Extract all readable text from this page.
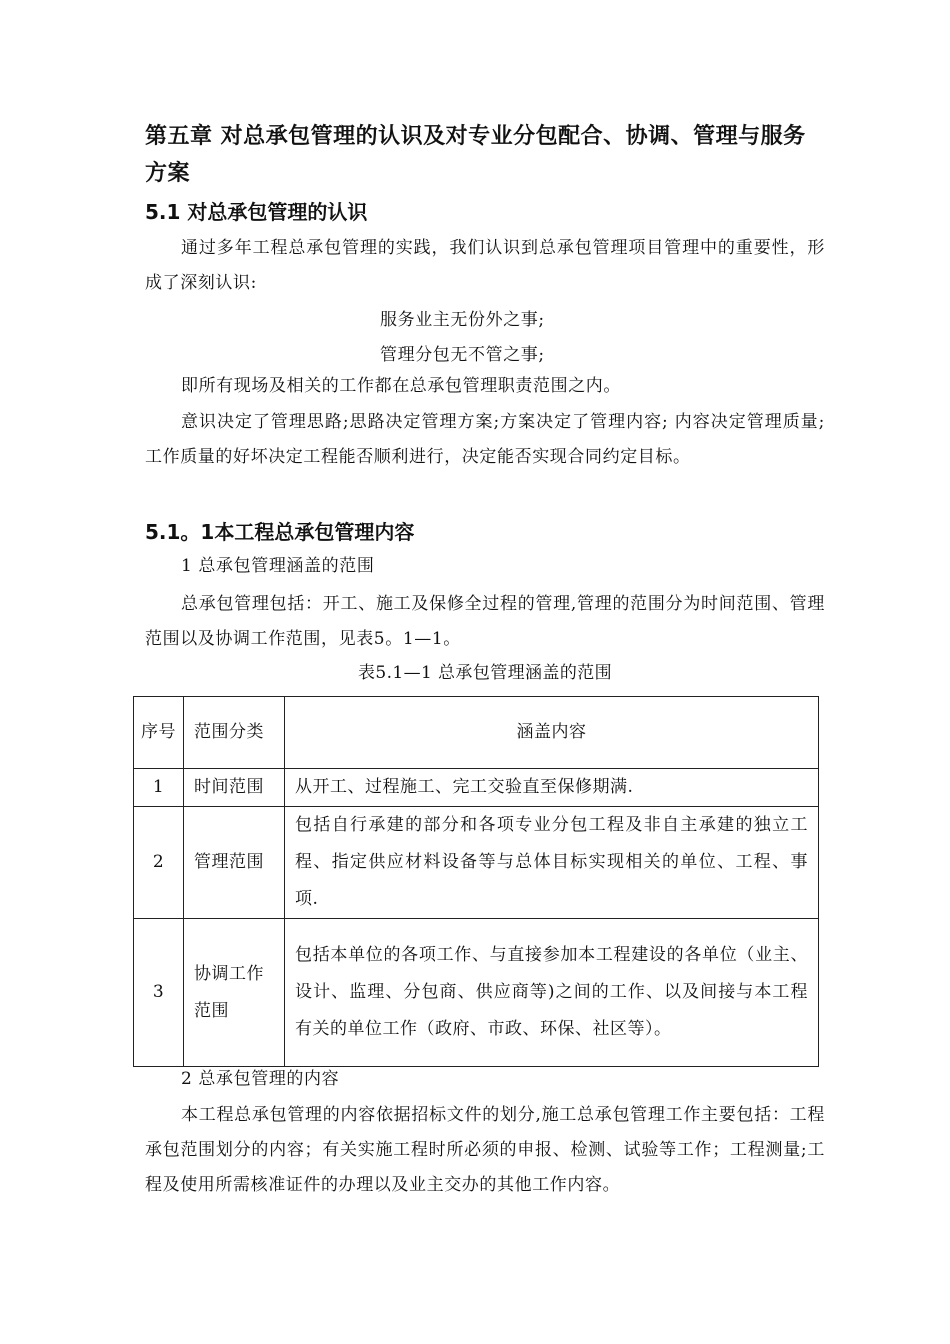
第五章 对总承包管理的认识及对专业分包配合、协调、管理与服务方案
5.1 对总承包管理的认识

通过多年工程总承包管理的实践，我们认识到总承包管理项目管理中的重要性，形成了深刻认识:

服务业主无份外之事;
管理分包无不管之事;

即所有现场及相关的工作都在总承包管理职责范围之内。

意识决定了管理思路;思路决定管理方案;方案决定了管理内容; 内容决定管理质量; 工作质量的好坏决定工程能否顺利进行，决定能否实现合同约定目标。

5.1。1本工程总承包管理内容
1 总承包管理涵盖的范围

总承包管理包括：开工、施工及保修全过程的管理,管理的范围分为时间范围、管理范围以及协调工作范围，见表5。1—1。

表5.1—1 总承包管理涵盖的范围
序号	范围分类	涵盖内容
1	时间范围	从开工、过程施工、完工交验直至保修期满.
2	管理范围	包括自行承建的部分和各项专业分包工程及非自主承建的独立工程、指定供应材料设备等与总体目标实现相关的单位、工程、事项.
3	协调工作范围	包括本单位的各项工作、与直接参加本工程建设的各单位（业主、设计、监理、分包商、供应商等)之间的工作、以及间接与本工程有关的单位工作（政府、市政、环保、社区等）。
2 总承包管理的内容

本工程总承包管理的内容依据招标文件的划分,施工总承包管理工作主要包括：工程承包范围划分的内容；有关实施工程时所必须的申报、检测、试验等工作；工程测量;工程及使用所需核准证件的办理以及业主交办的其他工作内容。
